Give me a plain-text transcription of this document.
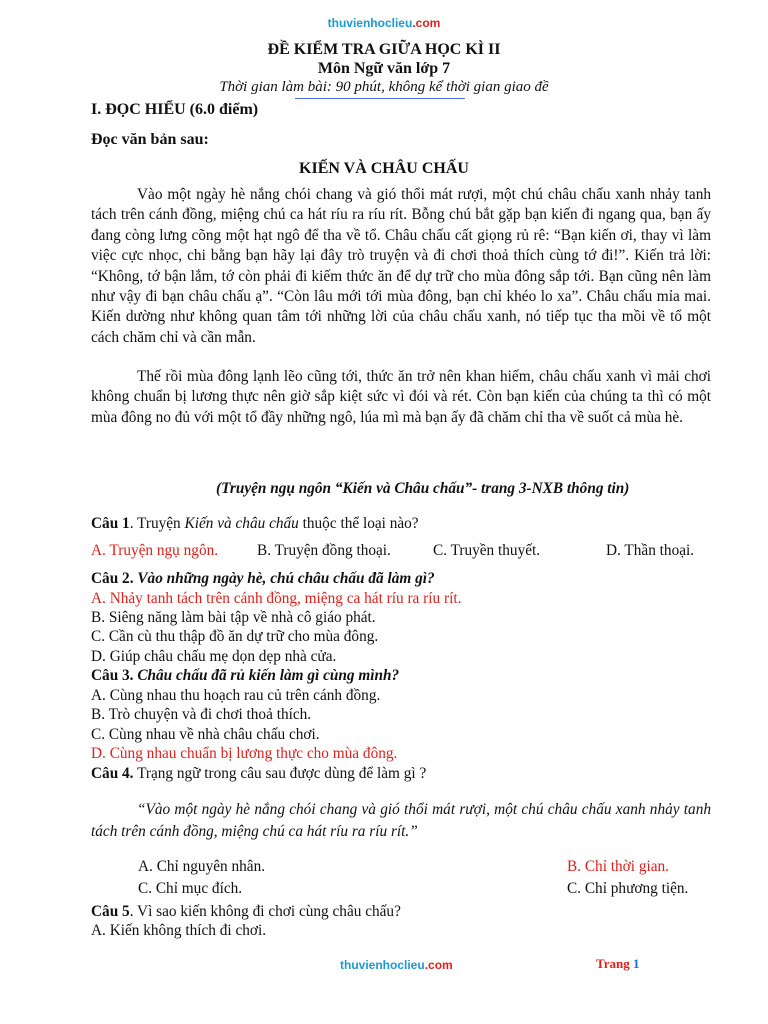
thuvienhoclieu.com
ĐỀ KIỂM TRA GIỮA HỌC KÌ II
Môn Ngữ văn lớp 7
Thời gian làm bài: 90 phút, không kể thời gian giao đề
I. ĐỌC HIỂU (6.0 điểm)
Đọc văn bản sau:
KIẾN VÀ CHÂU CHẤU
Vào một ngày hè nắng chói chang và gió thổi mát rượi, một chú châu chấu xanh nhảy tanh tách trên cánh đồng, miệng chú ca hát ríu ra ríu rít. Bỗng chú bắt gặp bạn kiến đi ngang qua, bạn ấy đang còng lưng cõng một hạt ngô để tha về tổ. Châu chấu cất giọng rủ rê: “Bạn kiến ơi, thay vì làm việc cực nhọc, chi bằng bạn hãy lại đây trò truyện và đi chơi thoả thích cùng tớ đi!”. Kiến trả lời: “Không, tớ bận lắm, tớ còn phải đi kiếm thức ăn để dự trữ cho mùa đông sắp tới. Bạn cũng nên làm như vậy đi bạn châu chấu ạ”. “Còn lâu mới tới mùa đông, bạn chỉ khéo lo xa”. Châu chấu mỉa mai. Kiến dường như không quan tâm tới những lời của châu chấu xanh, nó tiếp tục tha mồi về tổ một cách chăm chỉ và cần mẫn.
Thế rồi mùa đông lạnh lẽo cũng tới, thức ăn trở nên khan hiếm, châu chấu xanh vì mải chơi không chuẩn bị lương thực nên giờ sắp kiệt sức vì đói và rét. Còn bạn kiến của chúng ta thì có một mùa đông no đủ với một tổ đầy những ngô, lúa mì mà bạn ấy đã chăm chỉ tha về suốt cả mùa hè.
(Truyện ngụ ngôn “Kiến và Châu chấu”- trang 3-NXB thông tin)
Câu 1. Truyện Kiến và châu chấu thuộc thể loại nào?
A. Truyện ngụ ngôn.	B. Truyện đồng thoại.	C. Truyền thuyết.	D. Thần thoại.
Câu 2. Vào những ngày hè, chú châu chấu đã làm gì?
A. Nhảy tanh tách trên cánh đồng, miệng ca hát ríu ra ríu rít.
B. Siêng năng làm bài tập về nhà cô giáo phát.
C. Cần cù thu thập đồ ăn dự trữ cho mùa đông.
D. Giúp châu chấu mẹ dọn dẹp nhà cửa.
Câu 3. Châu chấu đã rủ kiến làm gì cùng mình?
A. Cùng nhau thu hoạch rau củ trên cánh đồng.
B. Trò chuyện và đi chơi thoả thích.
C. Cùng nhau về nhà châu chấu chơi.
D. Cùng nhau chuẩn bị lương thực cho mùa đông.
Câu 4. Trạng ngữ trong câu sau được dùng để làm gì ?
“Vào một ngày hè nắng chói chang và gió thổi mát rượi, một chú châu chấu xanh nhảy tanh tách trên cánh đồng, miệng chú ca hát ríu ra ríu rít.”
A. Chỉ nguyên nhân.	B. Chỉ thời gian.
C. Chỉ mục đích.	C. Chỉ phương tiện.
Câu 5. Vì sao kiến không đi chơi cùng châu chấu?
A. Kiến không thích đi chơi.
thuvienhoclieu.com	Trang 1
